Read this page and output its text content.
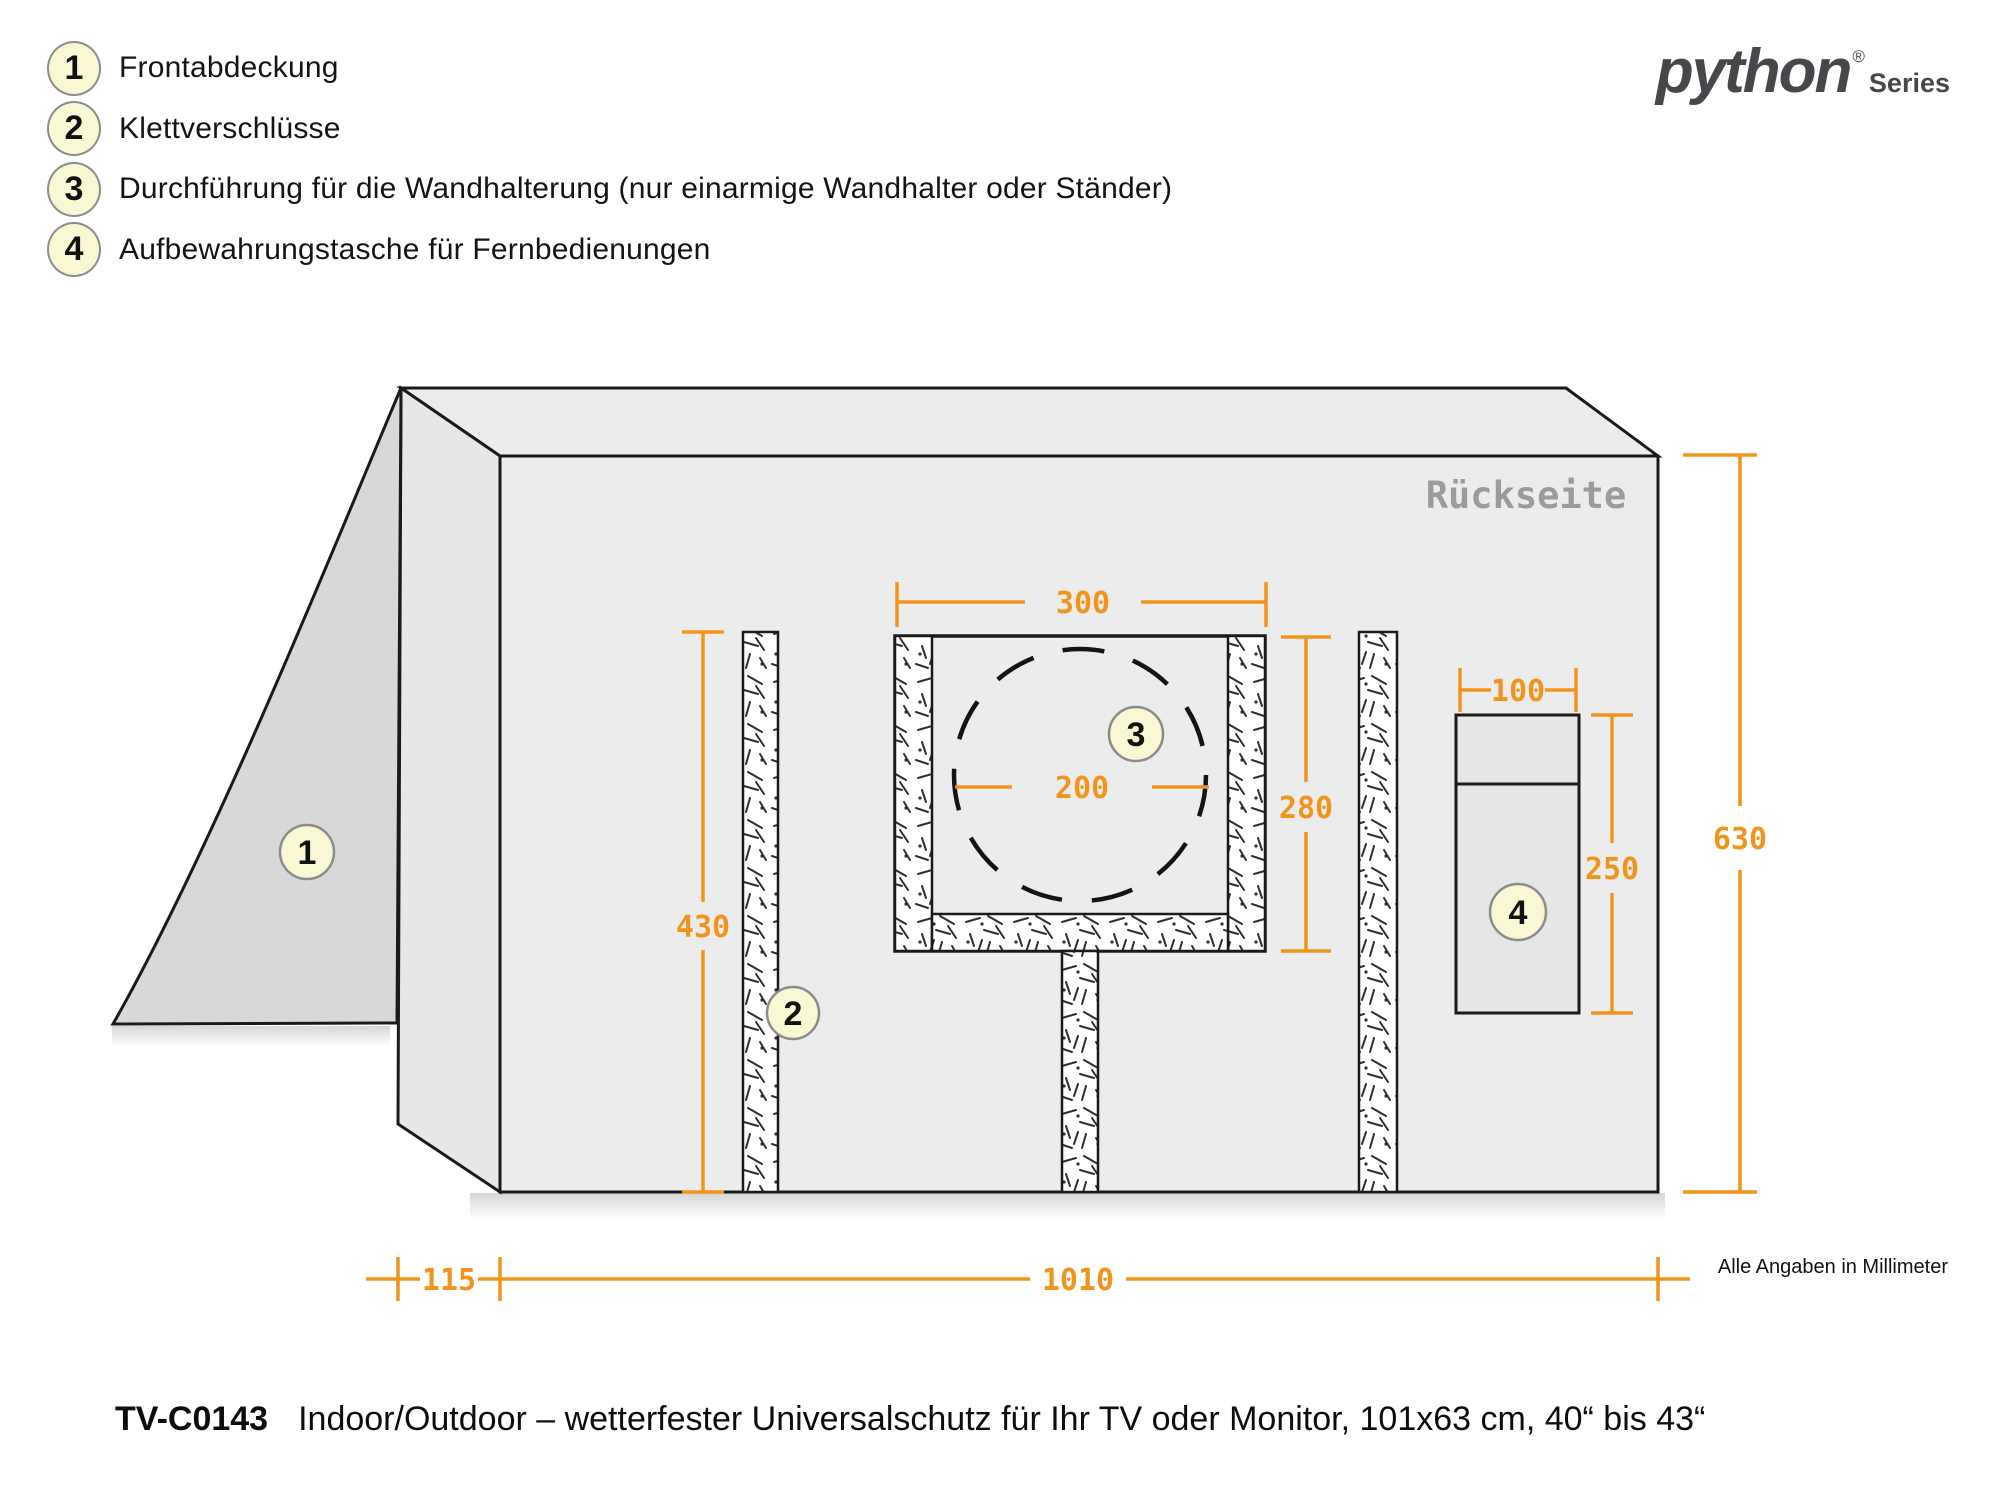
1	Frontabdeckung
2	Klettverschlüsse
3	Durchführung für die Wandhalterung (nur einarmige Wandhalter oder Ständer)
4	Aufbewahrungstasche für Fernbedienungen
python ®
Series
Rückseite
300
280
200
430
100
250
630
115	1010
1
2
3
4
Alle Angaben in Millimeter
TV-C0143 Indoor/Outdoor – wetterfester Universalschutz für Ihr TV oder Monitor, 101x63 cm, 40“ bis 43“
